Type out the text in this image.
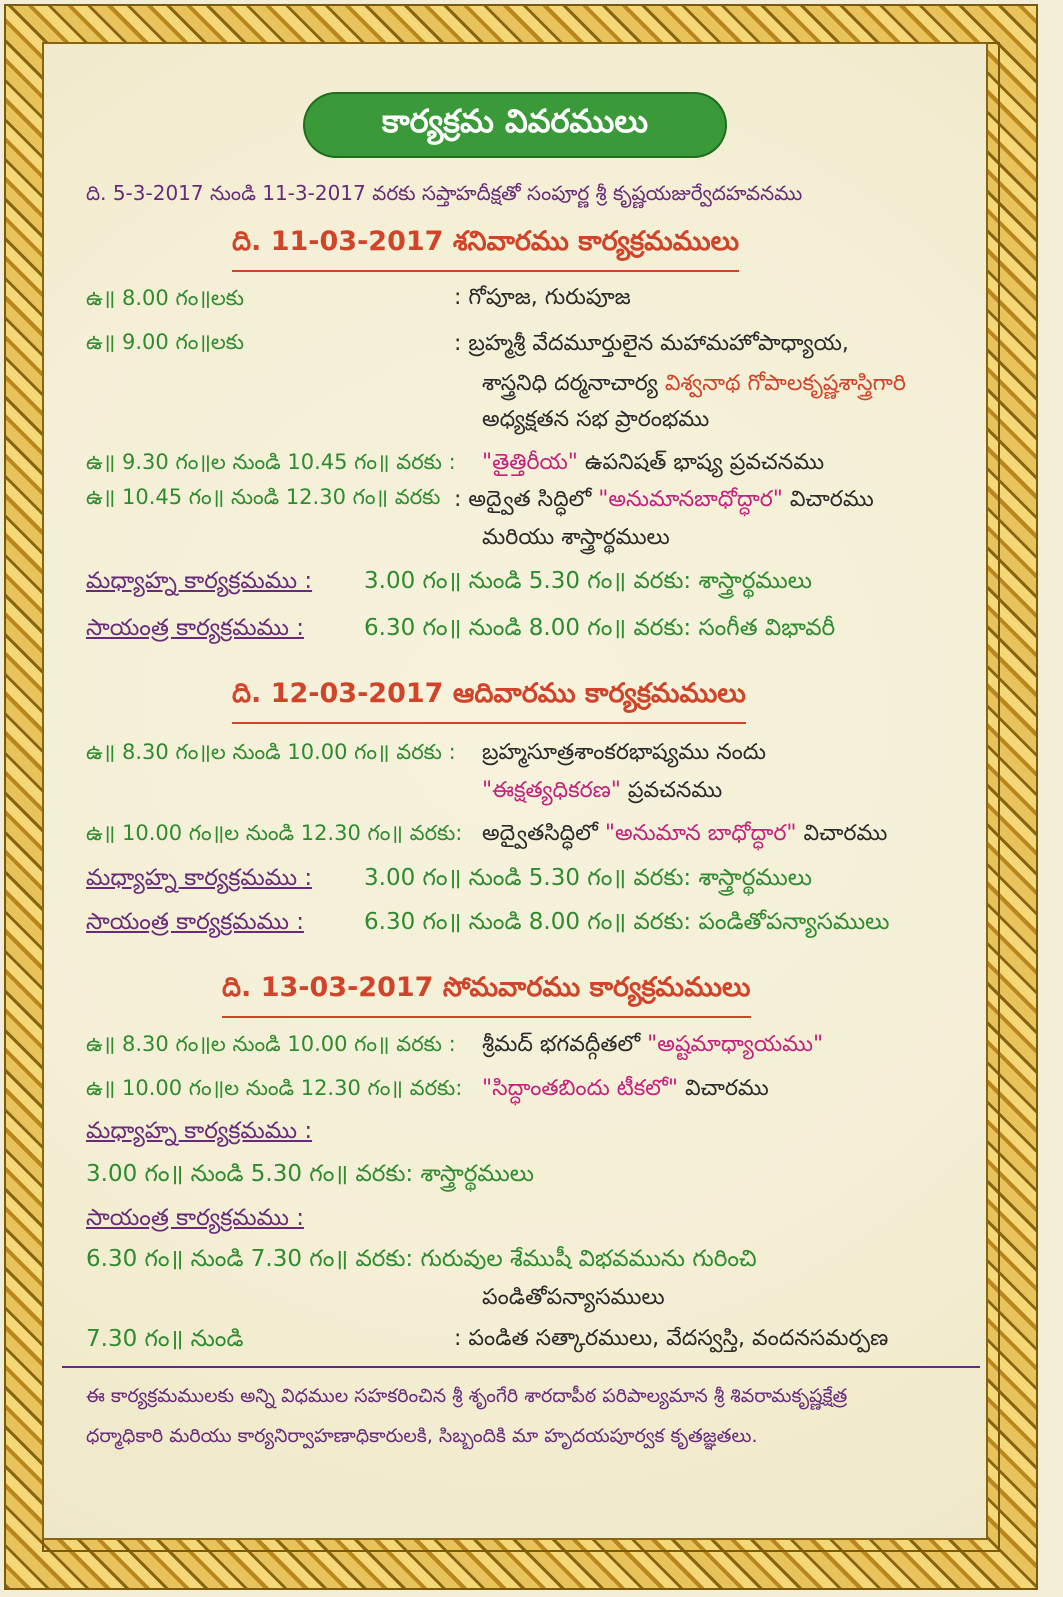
కార్యక్రమ వివరములు
ది. 5-3-2017 నుండి 11-3-2017 వరకు సప్తాహదీక్షతో సంపూర్ణ శ్రీ కృష్ణయజుర్వేదహవనము
ది. 11-03-2017 శనివారము కార్యక్రమములు
ఉ॥ 8.00 గం॥లకు	: గోపూజ, గురుపూజ
ఉ॥ 9.00 గం॥లకు	: బ్రహ్మశ్రీ వేదమూర్తులైన మహామహోపాధ్యాయ,
శాస్త్రనిధి దర్మనాచార్య విశ్వనాథ గోపాలకృష్ణశాస్త్రిగారి
అధ్యక్షతన సభ ప్రారంభము
ఉ॥ 9.30 గం॥ల నుండి 10.45 గం॥ వరకు : "తైత్తిరీయ" ఉపనిషత్ భాష్య ప్రవచనము
ఉ॥ 10.45 గం॥ నుండి 12.30 గం॥ వరకు : అద్వైత సిద్ధిలో "అనుమానబాధోద్ధార" విచారము
మరియు శాస్త్రార్థములు
మధ్యాహ్న కార్యక్రమము : 3.00 గం॥ నుండి 5.30 గం॥ వరకు: శాస్త్రార్థములు
సాయంత్ర కార్యక్రమము :	6.30 గం॥ నుండి 8.00 గం॥ వరకు: సంగీత విభావరీ
ది. 12-03-2017 ఆదివారము కార్యక్రమములు
ఉ॥ 8.30 గం॥ల నుండి 10.00 గం॥ వరకు : బ్రహ్మసూత్రశాంకరభాష్యము నందు
"ఈక్షత్యధికరణ" ప్రవచనము
ఉ॥ 10.00 గం॥ల నుండి 12.30 గం॥ వరకు: అద్వైతసిద్ధిలో "అనుమాన బాధోద్ధార" విచారము
మధ్యాహ్న కార్యక్రమము : 3.00 గం॥ నుండి 5.30 గం॥ వరకు: శాస్త్రార్థములు
సాయంత్ర కార్యక్రమము :	6.30 గం॥ నుండి 8.00 గం॥ వరకు: పండితోపన్యాసములు
ది. 13-03-2017 సోమవారము కార్యక్రమములు
ఉ॥ 8.30 గం॥ల నుండి 10.00 గం॥ వరకు : శ్రీమద్ భగవద్గీతలో "అష్టమాధ్యాయము"
ఉ॥ 10.00 గం॥ల నుండి 12.30 గం॥ వరకు: "సిద్ధాంతబిందు టీకలో" విచారము
మధ్యాహ్న కార్యక్రమము :
3.00 గం॥ నుండి 5.30 గం॥ వరకు: శాస్త్రార్థములు
సాయంత్ర కార్యక్రమము :
6.30 గం॥ నుండి 7.30 గం॥ వరకు: గురువుల శేముషీ విభవమును గురించి
పండితోపన్యాసములు
7.30 గం॥ నుండి	: పండిత సత్కారములు, వేదస్వస్తి, వందనసమర్పణ
ఈ కార్యక్రమములకు అన్ని విధముల సహకరించిన శ్రీ శృంగేరి శారదాపీఠ పరిపాల్యమాన శ్రీ శివరామకృష్ణక్షేత్ర
ధర్మాధికారి మరియు కార్యనిర్వాహణాధికారులకి, సిబ్బందికి మా హృదయపూర్వక కృతజ్ఞతలు.
